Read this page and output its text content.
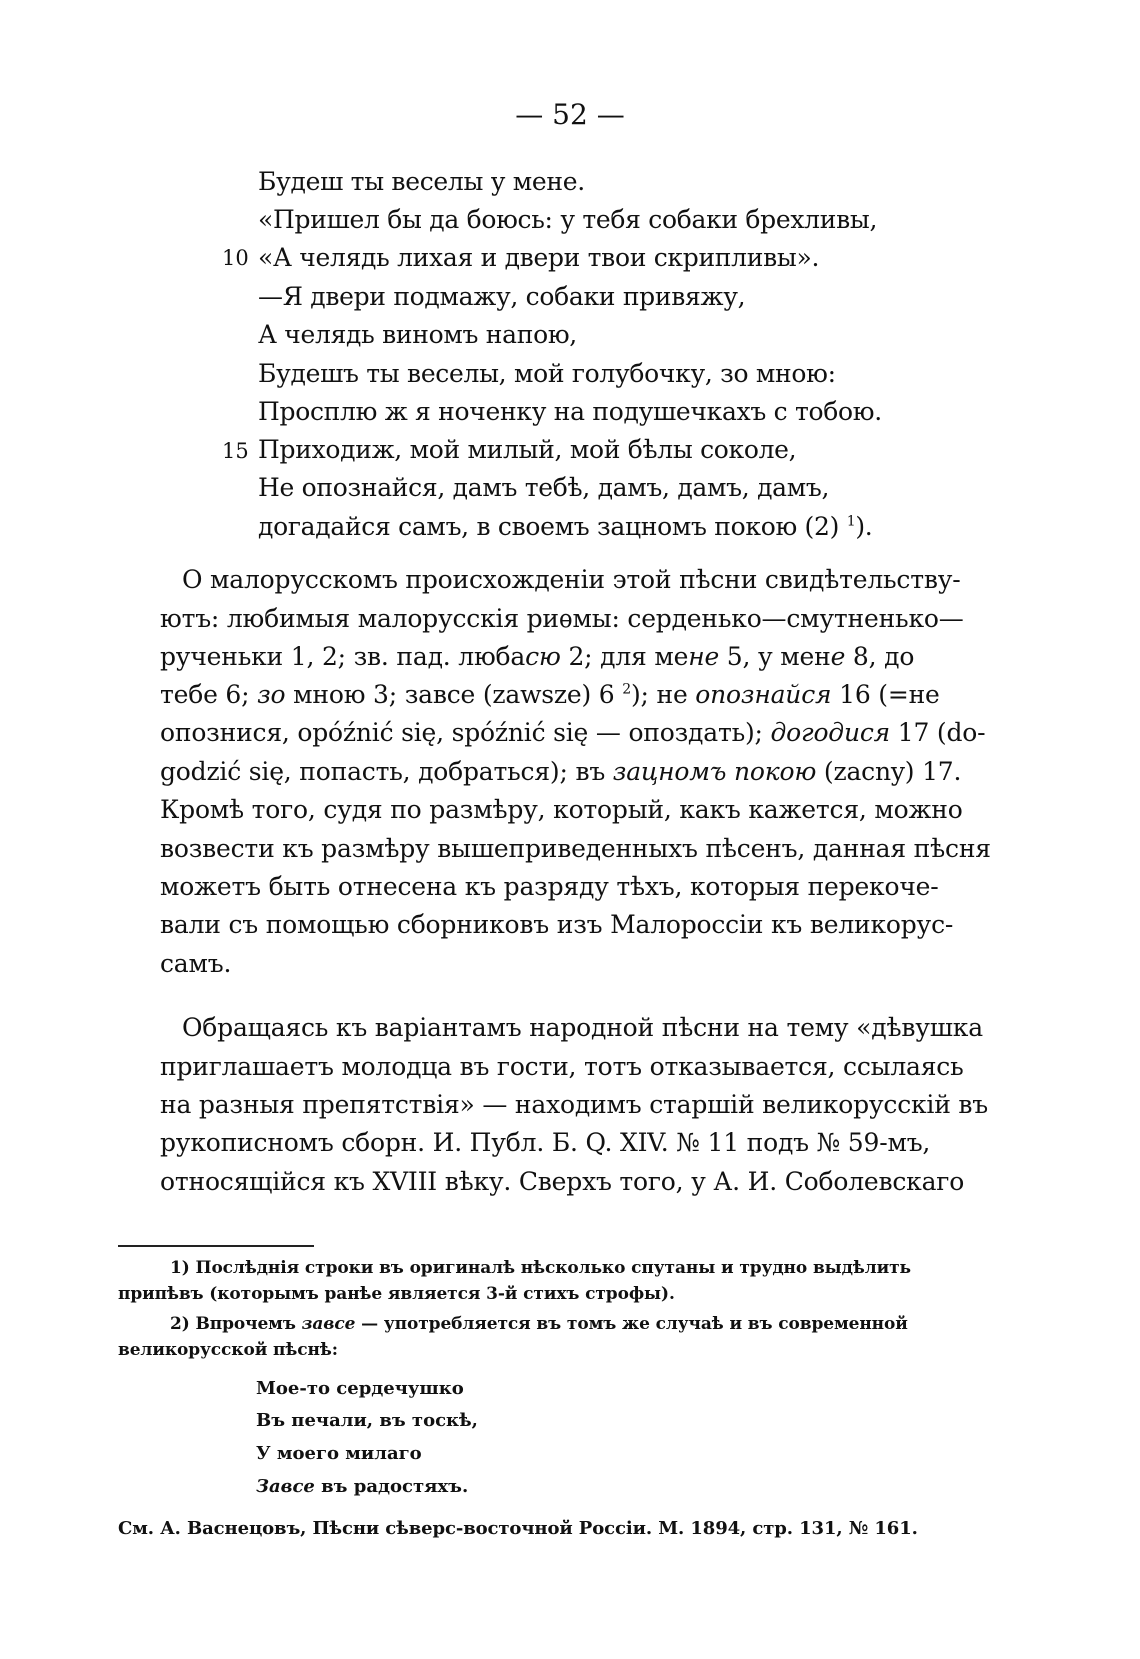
— 52 —
Будеш ты веселы у мене.
«Пришел бы да боюсь: у тебя собаки брехливы,
10 «А челядь лихая и двери твои скрипливы».
—Я двери подмажу, собаки привяжу,
А челядь виномъ напою,
Будешъ ты веселы, мой голубочку, зо мною:
Просплю ж я ноченку на подушечкахъ с тобою.
15 Приходиж, мой милый, мой бѣлы соколе,
Не опознайся, дамъ тебѣ, дамъ, дамъ, дамъ,
догадайся самъ, в своемъ зацномъ покою (2) $^1$).
О малорусскомъ происхожденіи этой пѣсни свидѣтельству-
ютъ: любимыя малорусскія риѳмы: серденько—смутненько—
рученьки 1, 2; зв. пад. любасю 2; для мене 5, у мене 8, до
тебе 6; зо мною 3; завсе (zawsze) 6 $^2$); не опознайся 16 (=не
опознися, opóźnić się, spóźnić się — опоздать); догодися 17 (do-
godzić się, попасть, добраться); въ зацномъ покою (zacny) 17.
Кромѣ того, судя по размѣру, который, какъ кажется, можно
возвести къ размѣру вышеприведенныхъ пѣсенъ, данная пѣсня
можетъ быть отнесена къ разряду тѣхъ, которыя перекоче-
вали съ помощью сборниковъ изъ Малороссіи къ великорус-
самъ.
Обращаясь къ варіантамъ народной пѣсни на тему «дѣвушка
приглашаетъ молодца въ гости, тотъ отказывается, ссылаясь
на разныя препятствія» — находимъ старшій великорусскій въ
рукописномъ сборн. И. Публ. Б. Q. XIV. № 11 подъ № 59-мъ,
относящійся къ XVIII вѣку. Сверхъ того, у А. И. Соболевскаго
1) Послѣднія строки въ оригиналѣ нѣсколько спутаны и трудно выдѣлить
припѣвъ (которымъ ранѣе является 3-й стихъ строфы).
2) Впрочемъ завсе — употребляется въ томъ же случаѣ и въ современной
великорусской пѣснѣ:
Мое-то сердечушко
Въ печали, въ тоскѣ,
У моего милаго
Завсе въ радостяхъ.
См. А. Васнецовъ, Пѣсни сѣверс-восточной Россіи. М. 1894, стр. 131, № 161.
